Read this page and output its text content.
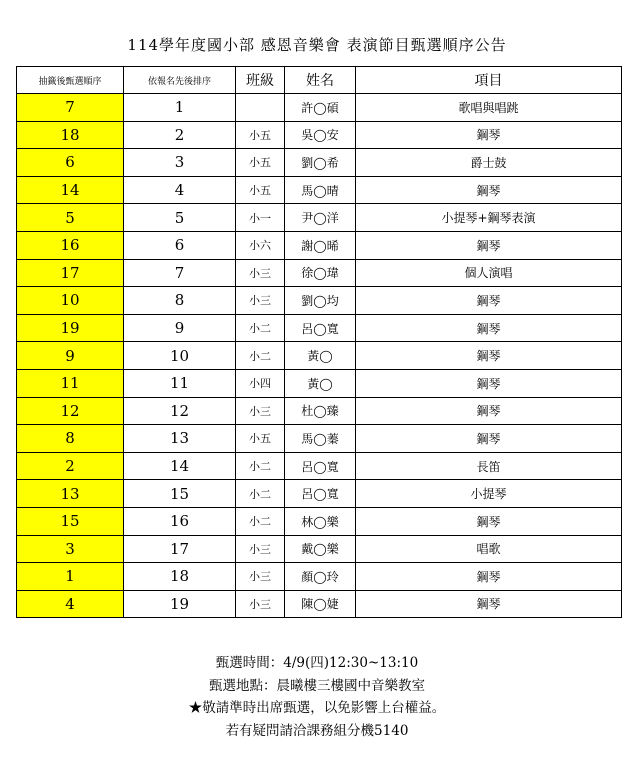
114學年度國小部 感恩音樂會 表演節目甄選順序公告
抽籤後甄選順序	依報名先後排序	班級	姓名	項目
7	1		許◯碩	歌唱與唱跳
18	2	小五	吳◯安	鋼琴
6	3	小五	劉◯希	爵士鼓
14	4	小五	馬◯晴	鋼琴
5	5	小一	尹◯洋	小提琴+鋼琴表演
16	6	小六	謝◯晞	鋼琴
17	7	小三	徐◯瑋	個人演唱
10	8	小三	劉◯均	鋼琴
19	9	小二	呂◯寬	鋼琴
9	10	小二	黃◯	鋼琴
11	11	小四	黃◯	鋼琴
12	12	小三	杜◯臻	鋼琴
8	13	小五	馬◯蓁	鋼琴
2	14	小二	呂◯寬	長笛
13	15	小二	呂◯寬	小提琴
15	16	小二	林◯樂	鋼琴
3	17	小三	戴◯樂	唱歌
1	18	小三	顏◯玲	鋼琴
4	19	小三	陳◯婕	鋼琴
甄選時間：4/9(四)12:30~13:10
甄選地點：晨曦樓三樓國中音樂教室
★敬請準時出席甄選，以免影響上台權益。
若有疑問請洽課務組分機5140
